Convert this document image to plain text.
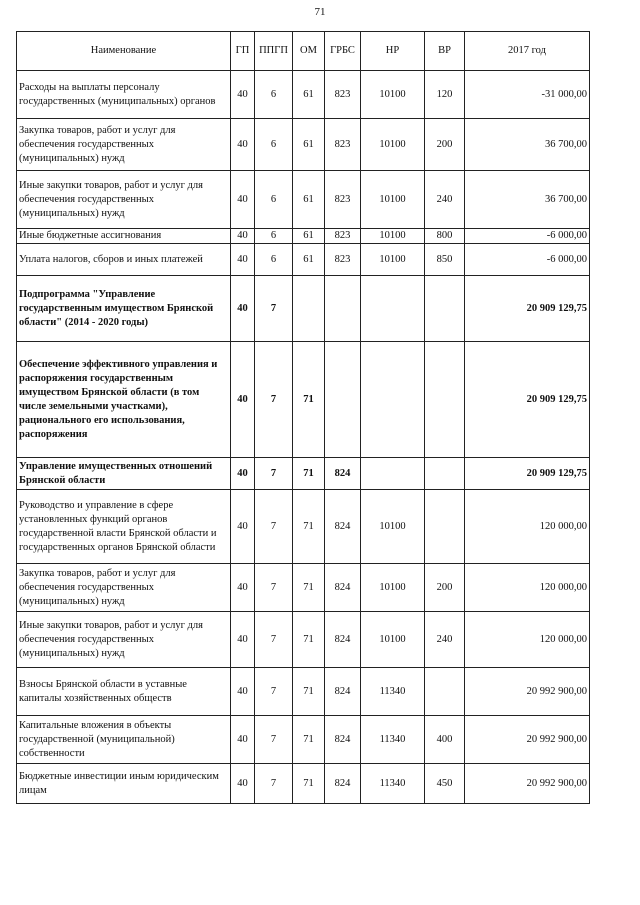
71
Наименование	ГП	ППГП	ОМ	ГРБС	НР	ВР	2017 год
Расходы на выплаты персоналу государственных (муниципальных) органов	40	6	61	823	10100	120	-31 000,00
Закупка товаров, работ и услуг для обеспечения государственных (муниципальных) нужд	40	6	61	823	10100	200	36 700,00
Иные закупки товаров, работ и услуг для обеспечения государственных (муниципальных) нужд	40	6	61	823	10100	240	36 700,00
Иные бюджетные ассигнования	40	6	61	823	10100	800	-6 000,00
Уплата налогов, сборов и иных платежей	40	6	61	823	10100	850	-6 000,00
Подпрограмма "Управление государственным имуществом Брянской области" (2014 - 2020 годы)	40	7					20 909 129,75
Обеспечение эффективного управления и распоряжения государственным имуществом Брянской области (в том числе земельными участками), рационального его использования, распоряжения	40	7	71				20 909 129,75
Управление имущественных отношений Брянской области	40	7	71	824			20 909 129,75
Руководство и управление в сфере установленных функций органов государственной власти Брянской области и государственных органов Брянской области	40	7	71	824	10100		120 000,00
Закупка товаров, работ и услуг для обеспечения государственных (муниципальных) нужд	40	7	71	824	10100	200	120 000,00
Иные закупки товаров, работ и услуг для обеспечения государственных (муниципальных) нужд	40	7	71	824	10100	240	120 000,00
Взносы Брянской области в уставные капиталы хозяйственных обществ	40	7	71	824	11340		20 992 900,00
Капитальные вложения в объекты государственной (муниципальной) собственности	40	7	71	824	11340	400	20 992 900,00
Бюджетные инвестиции иным юридическим лицам	40	7	71	824	11340	450	20 992 900,00
